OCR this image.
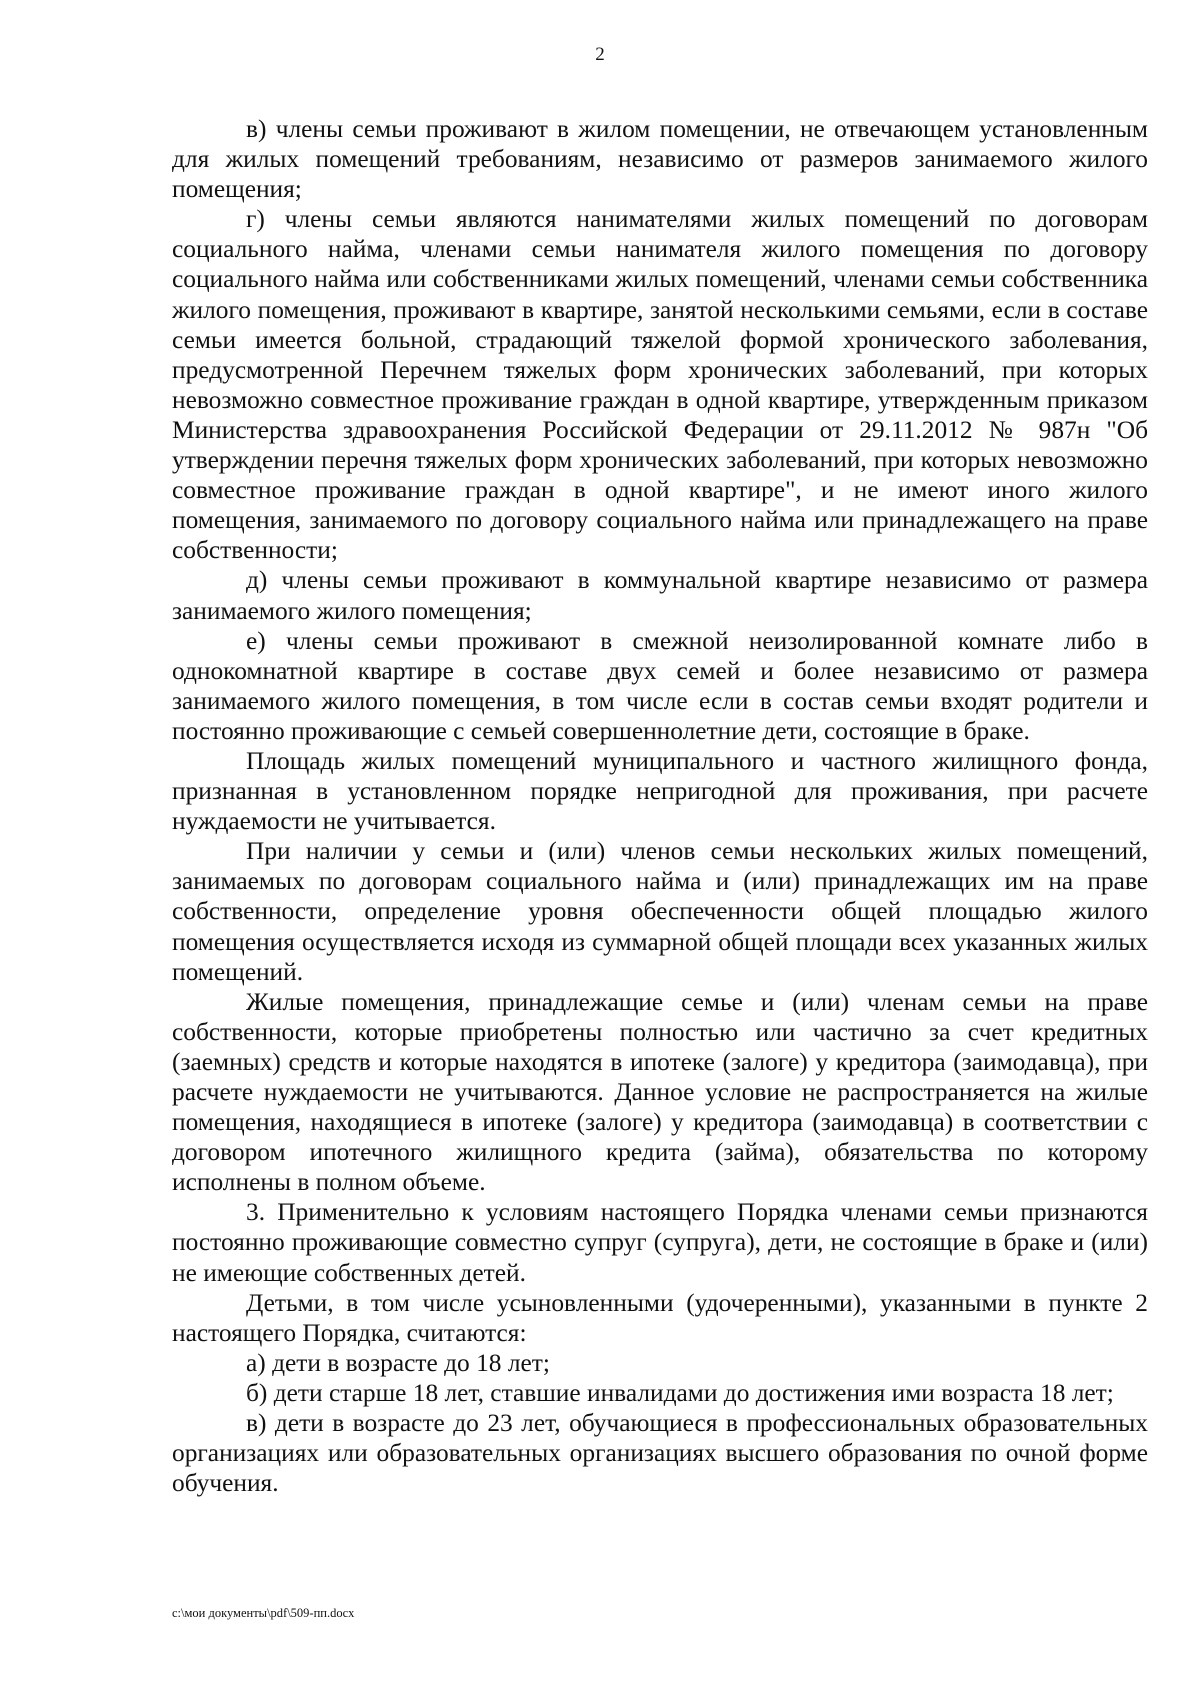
2

в) члены семьи проживают в жилом помещении, не отвечающем установленным для жилых помещений требованиям, независимо от размеров занимаемого жилого помещения;

г) члены семьи являются нанимателями жилых помещений по договорам социального найма, членами семьи нанимателя жилого помещения по договору социального найма или собственниками жилых помещений, членами семьи собственника жилого помещения, проживают в квартире, занятой несколькими семьями, если в составе семьи имеется больной, страдающий тяжелой формой хронического заболевания, предусмотренной Перечнем тяжелых форм хронических заболеваний, при которых невозможно совместное проживание граждан в одной квартире, утвержденным приказом Министерства здравоохранения Российской Федерации от 29.11.2012 № 987н "Об утверждении перечня тяжелых форм хронических заболеваний, при которых невозможно совместное проживание граждан в одной квартире", и не имеют иного жилого помещения, занимаемого по договору социального найма или принадлежащего на праве собственности;

д) члены семьи проживают в коммунальной квартире независимо от размера занимаемого жилого помещения;

е) члены семьи проживают в смежной неизолированной комнате либо в однокомнатной квартире в составе двух семей и более независимо от размера занимаемого жилого помещения, в том числе если в состав семьи входят родители и постоянно проживающие с семьей совершеннолетние дети, состоящие в браке.

Площадь жилых помещений муниципального и частного жилищного фонда, признанная в установленном порядке непригодной для проживания, при расчете нуждаемости не учитывается.

При наличии у семьи и (или) членов семьи нескольких жилых помещений, занимаемых по договорам социального найма и (или) принадлежащих им на праве собственности, определение уровня обеспеченности общей площадью жилого помещения осуществляется исходя из суммарной общей площади всех указанных жилых помещений.

Жилые помещения, принадлежащие семье и (или) членам семьи на праве собственности, которые приобретены полностью или частично за счет кредитных (заемных) средств и которые находятся в ипотеке (залоге) у кредитора (заимодавца), при расчете нуждаемости не учитываются. Данное условие не распространяется на жилые помещения, находящиеся в ипотеке (залоге) у кредитора (заимодавца) в соответствии с договором ипотечного жилищного кредита (займа), обязательства по которому исполнены в полном объеме.

3. Применительно к условиям настоящего Порядка членами семьи признаются постоянно проживающие совместно супруг (супруга), дети, не состоящие в браке и (или) не имеющие собственных детей.

Детьми, в том числе усыновленными (удочеренными), указанными в пункте 2 настоящего Порядка, считаются:

а) дети в возрасте до 18 лет;

б) дети старше 18 лет, ставшие инвалидами до достижения ими возраста 18 лет;

в) дети в возрасте до 23 лет, обучающиеся в профессиональных образовательных организациях или образовательных организациях высшего образования по очной форме обучения.

c:\мои документы\pdf\509-пп.docx
